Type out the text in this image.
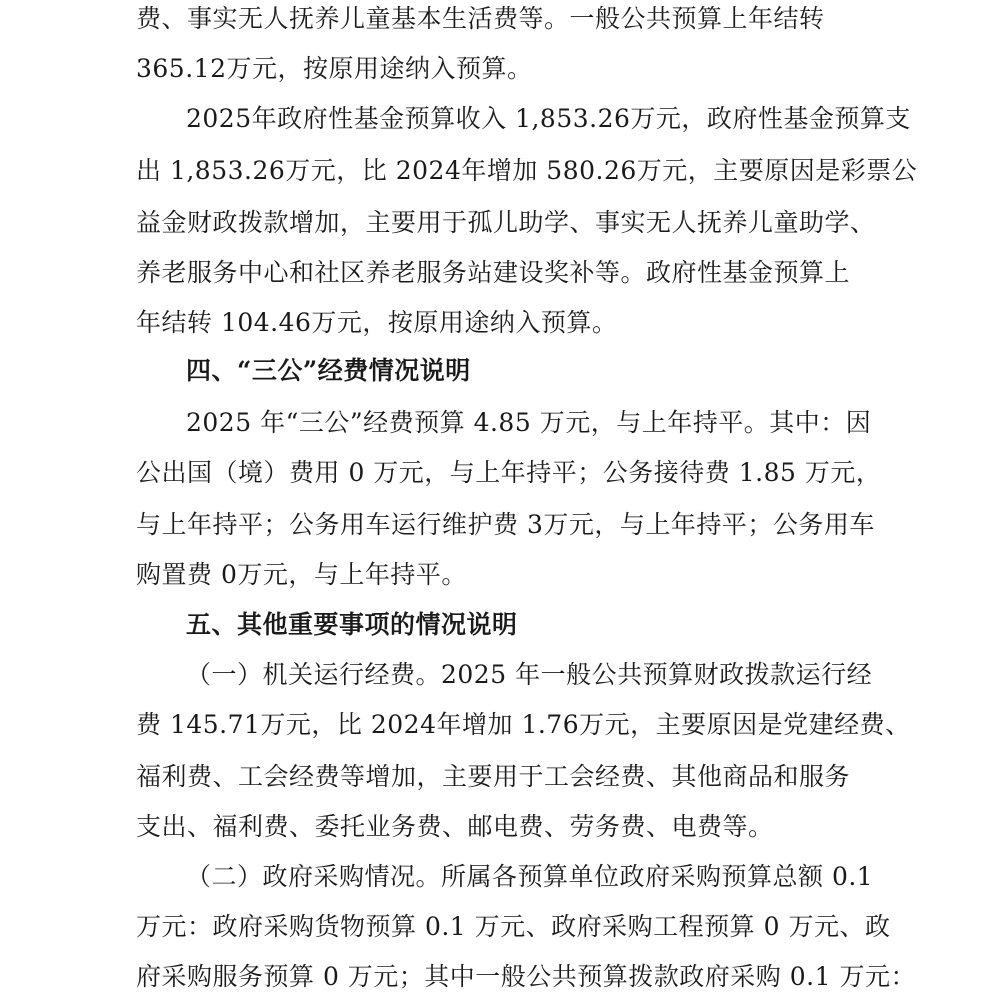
费、事实无人抚养儿童基本生活费等。一般公共预算上年结转
365.12万元，按原用途纳入预算。
2025年政府性基金预算收入 1,853.26万元，政府性基金预算支
出 1,853.26万元，比 2024年增加 580.26万元，主要原因是彩票公
益金财政拨款增加，主要用于孤儿助学、事实无人抚养儿童助学、
养老服务中心和社区养老服务站建设奖补等。政府性基金预算上
年结转 104.46万元，按原用途纳入预算。
四、“三公”经费情况说明
2025 年“三公”经费预算 4.85 万元，与上年持平。其中：因
公出国（境）费用 0 万元，与上年持平；公务接待费 1.85 万元，
与上年持平；公务用车运行维护费 3万元，与上年持平；公务用车
购置费 0万元，与上年持平。
五、其他重要事项的情况说明
（一）机关运行经费。2025 年一般公共预算财政拨款运行经
费 145.71万元，比 2024年增加 1.76万元，主要原因是党建经费、
福利费、工会经费等增加，主要用于工会经费、其他商品和服务
支出、福利费、委托业务费、邮电费、劳务费、电费等。
（二）政府采购情况。所属各预算单位政府采购预算总额 0.1
万元：政府采购货物预算 0.1 万元、政府采购工程预算 0 万元、政
府采购服务预算 0 万元；其中一般公共预算拨款政府采购 0.1 万元：
